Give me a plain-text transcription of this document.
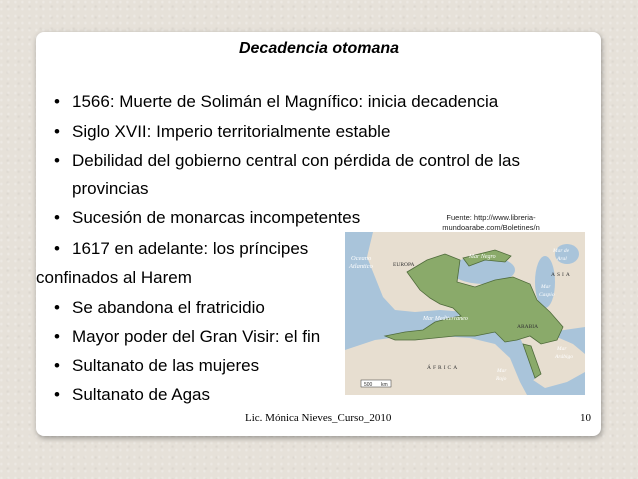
Decadencia otomana
• 1566: Muerte de Solimán el Magnífico: inicia decadencia
• Siglo XVII: Imperio territorialmente estable
• Debilidad del gobierno central con pérdida de control de las
provincias
• Sucesión de monarcas incompetentes
• 1617 en adelante: los príncipes
confinados al Harem
• Se abandona el fratricidio
• Mayor poder del Gran Visir: el fin
• Sultanato de las mujeres
• Sultanato de Agas
Fuente: http://www.libreria-mundoarabe.com/Boletines/n
Oceano
Atlantico	EUROPA
Mar Negro
Mar de
Aral
ASIA
Mar
Caspio
Mar Mediterráneo
ARABIA
Mar
Arábigo
ÁFRICA	Mar
Rojo
500 km
Lic. Mónica Nieves_Curso_2010	10
